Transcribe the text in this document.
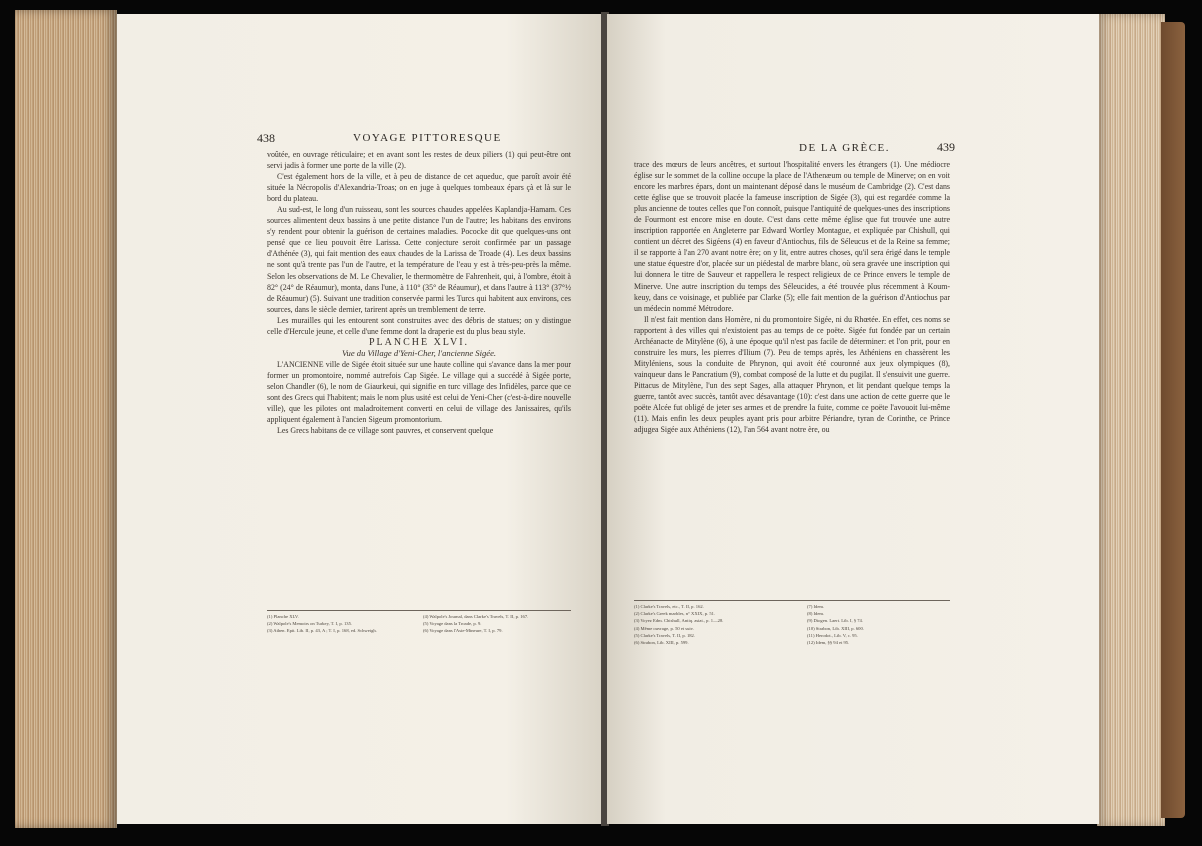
438	VOYAGE PITTORESQUE

voûtée, en ouvrage réticulaire; et en avant sont les restes de deux piliers (1) qui peut-être ont servi jadis à former une porte de la ville (2).

C'est également hors de la ville, et à peu de distance de cet aqueduc, que paroît avoir été située la Nécropolis d'Alexandria-Troas; on en juge à quelques tombeaux épars çà et là sur le bord du plateau.

Au sud-est, le long d'un ruisseau, sont les sources chaudes appelées Kaplandja-Hamam. Ces sources alimentent deux bassins à une petite distance l'un de l'autre; les habitans des environs s'y rendent pour obtenir la guérison de certaines maladies. Pococke dit que quelques-uns ont pensé que ce lieu pouvoit être Larissa. Cette conjecture seroit confirmée par un passage d'Athénée (3), qui fait mention des eaux chaudes de la Larissa de Troade (4). Les deux bassins ne sont qu'à trente pas l'un de l'autre, et la température de l'eau y est à très-peu-près la même. Selon les observations de M. Le Chevalier, le thermomètre de Fahrenheit, qui, à l'ombre, étoit à 82° (24° de Réaumur), monta, dans l'une, à 110° (35° de Réaumur), et dans l'autre à 113° (37°½ de Réaumur) (5). Suivant une tradition conservée parmi les Turcs qui habitent aux environs, ces sources, dans le siècle dernier, tarirent après un tremblement de terre.

Les murailles qui les entourent sont construites avec des débris de statues; on y distingue celle d'Hercule jeune, et celle d'une femme dont la draperie est du plus beau style.

PLANCHE XLVI.

Vue du Village d'Yeni-Cher, l'ancienne Sigée.

L'ANCIENNE ville de Sigée étoit située sur une haute colline qui s'avance dans la mer pour former un promontoire, nommé autrefois Cap Sigée. Le village qui a succédé à Sigée porte, selon Chandler (6), le nom de Giaurkeui, qui signifie en turc village des Infidèles, parce que ce sont des Grecs qui l'habitent; mais le nom plus usité est celui de Yeni-Cher (c'est-à-dire nouvelle ville), que les pilotes ont maladroitement converti en celui de village des Janissaires, qu'ils appliquent également à l'ancien Sigeum promontorium.

Les Grecs habitans de ce village sont pauvres, et conservent quelque

(1) Planche XLV.
(2) Walpole's Memoirs on Turkey, T. I, p. 135.
(3) Athen. Epit. Lib. II, p. 43, A ; T. I, p. 168, ed. Schweigh.
(4) Walpole's Journal, dans Clarke's Travels, T. II, p. 167.
(5) Voyage dans la Troade, p. 9.
(6) Voyage dans l'Asie-Mineure, T. I, p. 79.
DE LA GRÈCE.	439

trace des mœurs de leurs ancêtres, et surtout l'hospitalité envers les étrangers (1). Une médiocre église sur le sommet de la colline occupe la place de l'Athenæum ou temple de Minerve; on en voit encore les marbres épars, dont un maintenant déposé dans le muséum de Cambridge (2). C'est dans cette église que se trouvoit placée la fameuse inscription de Sigée (3), qui est regardée comme la plus ancienne de toutes celles que l'on connoît, puisque l'antiquité de quelques-unes des inscriptions de Fourmont est encore mise en doute. C'est dans cette même église que fut trouvée une autre inscription rapportée en Angleterre par Edward Wortley Montague, et expliquée par Chishull, qui contient un décret des Sigéens (4) en faveur d'Antiochus, fils de Séleucus et de la Reine sa femme; il se rapporte à l'an 270 avant notre ère; on y lit, entre autres choses, qu'il sera érigé dans le temple une statue équestre d'or, placée sur un piédestal de marbre blanc, où sera gravée une inscription qui lui donnera le titre de Sauveur et rappellera le respect religieux de ce Prince envers le temple de Minerve. Une autre inscription du temps des Séleucides, a été trouvée plus récemment à Koum-keuy, dans ce voisinage, et publiée par Clarke (5); elle fait mention de la guérison d'Antiochus par un médecin nommé Métrodore.

Il n'est fait mention dans Homère, ni du promontoire Sigée, ni du Rhœtée. En effet, ces noms se rapportent à des villes qui n'existoient pas au temps de ce poëte. Sigée fut fondée par un certain Archéanacte de Mitylène (6), à une époque qu'il n'est pas facile de déterminer: et l'on prit, pour en construire les murs, les pierres d'Ilium (7). Peu de temps après, les Athéniens en chassèrent les Mityléniens, sous la conduite de Phrynon, qui avoit été couronné aux jeux olympiques (8), vainqueur dans le Pancratium (9), combat composé de la lutte et du pugilat. Il s'ensuivit une guerre. Pittacus de Mitylène, l'un des sept Sages, alla attaquer Phrynon, et lit pendant quelque temps la guerre, tantôt avec succès, tantôt avec désavantage (10): c'est dans une action de cette guerre que le poëte Alcée fut obligé de jeter ses armes et de prendre la fuite, comme ce poëte l'avouoit lui-même (11). Mais enfin les deux peuples ayant pris pour arbitre Périandre, tyran de Corinthe, ce Prince adjugea Sigée aux Athéniens (12), l'an 564 avant notre ère, ou

(1) Clarke's Travels, etc., T. II, p. 162.
(2) Clarke's Greek marbles, n° XXIX, p. 51.
(3) Voyez Edm. Chishull, Antiq. asiat., p. 1—28.
(4) Même ouvrage, p. 50 et suiv.
(5) Clarke's Travels, T. II, p. 182.
(6) Strabon, Lib. XIII, p. 599.
(7) Idem.
(8) Idem.
(9) Diogen. Laert. Lib. I, § 74.
(10) Strabon, Lib. XIII, p. 600.
(11) Herodot., Lib. V, c. 95.
(12) Idem, §§ 94 et 95.
